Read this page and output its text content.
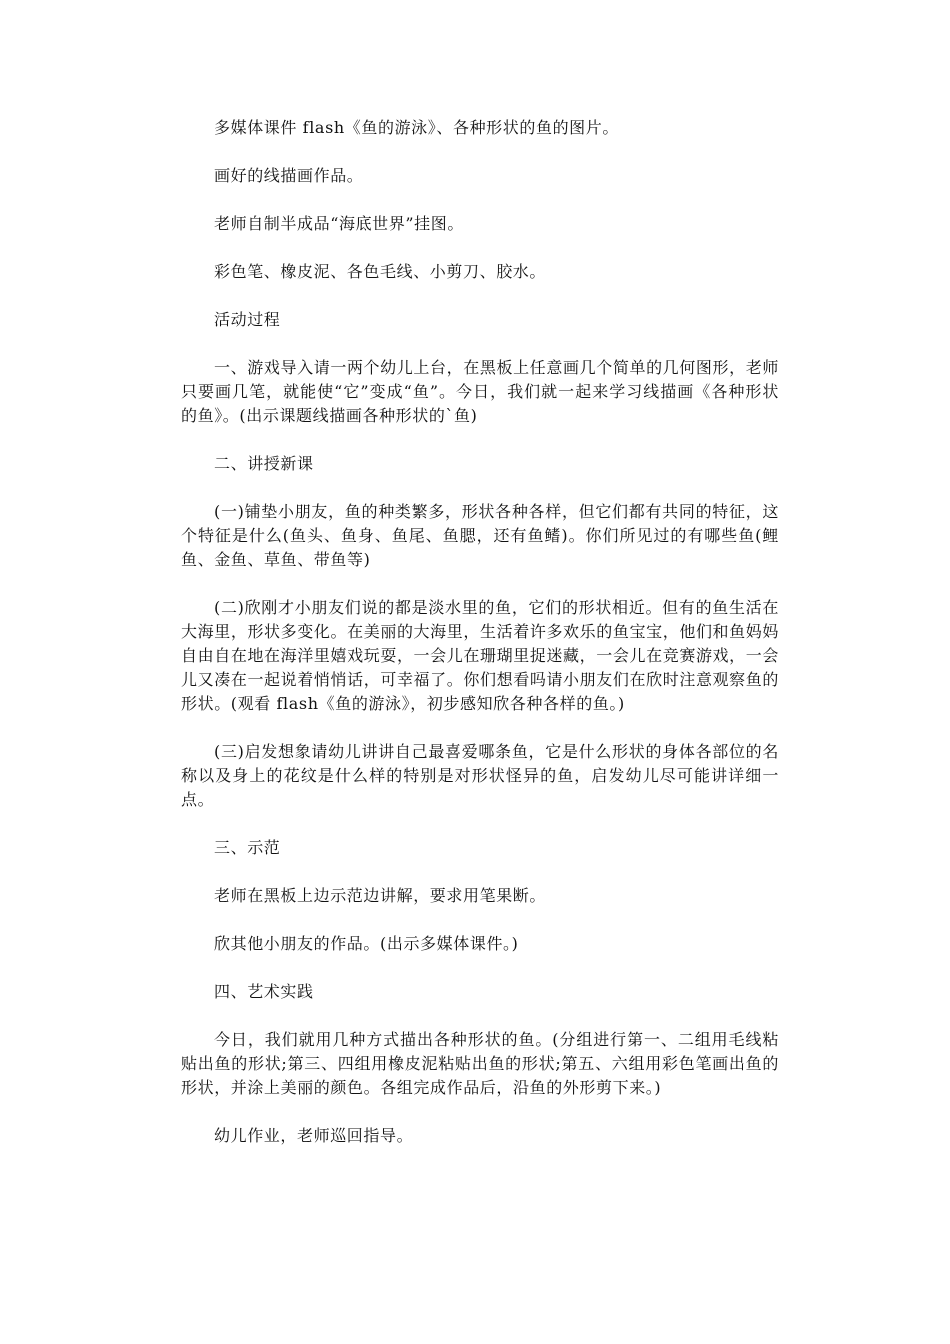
多媒体课件 flash《鱼的游泳》、各种形状的鱼的图片。

画好的线描画作品。

老师自制半成品“海底世界”挂图。

彩色笔、橡皮泥、各色毛线、小剪刀、胶水。

活动过程

一、游戏导入请一两个幼儿上台，在黑板上任意画几个简单的几何图形，老师只要画几笔，就能使“它”变成“鱼”。今日，我们就一起来学习线描画《各种形状的鱼》。(出示课题线描画各种形状的`鱼)

二、讲授新课

(一)铺垫小朋友，鱼的种类繁多，形状各种各样，但它们都有共同的特征，这个特征是什么(鱼头、鱼身、鱼尾、鱼腮，还有鱼鳍)。你们所见过的有哪些鱼(鲤鱼、金鱼、草鱼、带鱼等)

(二)欣刚才小朋友们说的都是淡水里的鱼，它们的形状相近。但有的鱼生活在大海里，形状多变化。在美丽的大海里，生活着许多欢乐的鱼宝宝，他们和鱼妈妈自由自在地在海洋里嬉戏玩耍，一会儿在珊瑚里捉迷藏，一会儿在竞赛游戏，一会儿又凑在一起说着悄悄话，可幸福了。你们想看吗请小朋友们在欣时注意观察鱼的形状。(观看 flash《鱼的游泳》，初步感知欣各种各样的鱼。)

(三)启发想象请幼儿讲讲自己最喜爱哪条鱼，它是什么形状的身体各部位的名称以及身上的花纹是什么样的特别是对形状怪异的鱼，启发幼儿尽可能讲详细一点。

三、示范

老师在黑板上边示范边讲解，要求用笔果断。

欣其他小朋友的作品。(出示多媒体课件。)

四、艺术实践

今日，我们就用几种方式描出各种形状的鱼。(分组进行第一、二组用毛线粘贴出鱼的形状;第三、四组用橡皮泥粘贴出鱼的形状;第五、六组用彩色笔画出鱼的形状，并涂上美丽的颜色。各组完成作品后，沿鱼的外形剪下来。)

幼儿作业，老师巡回指导。
